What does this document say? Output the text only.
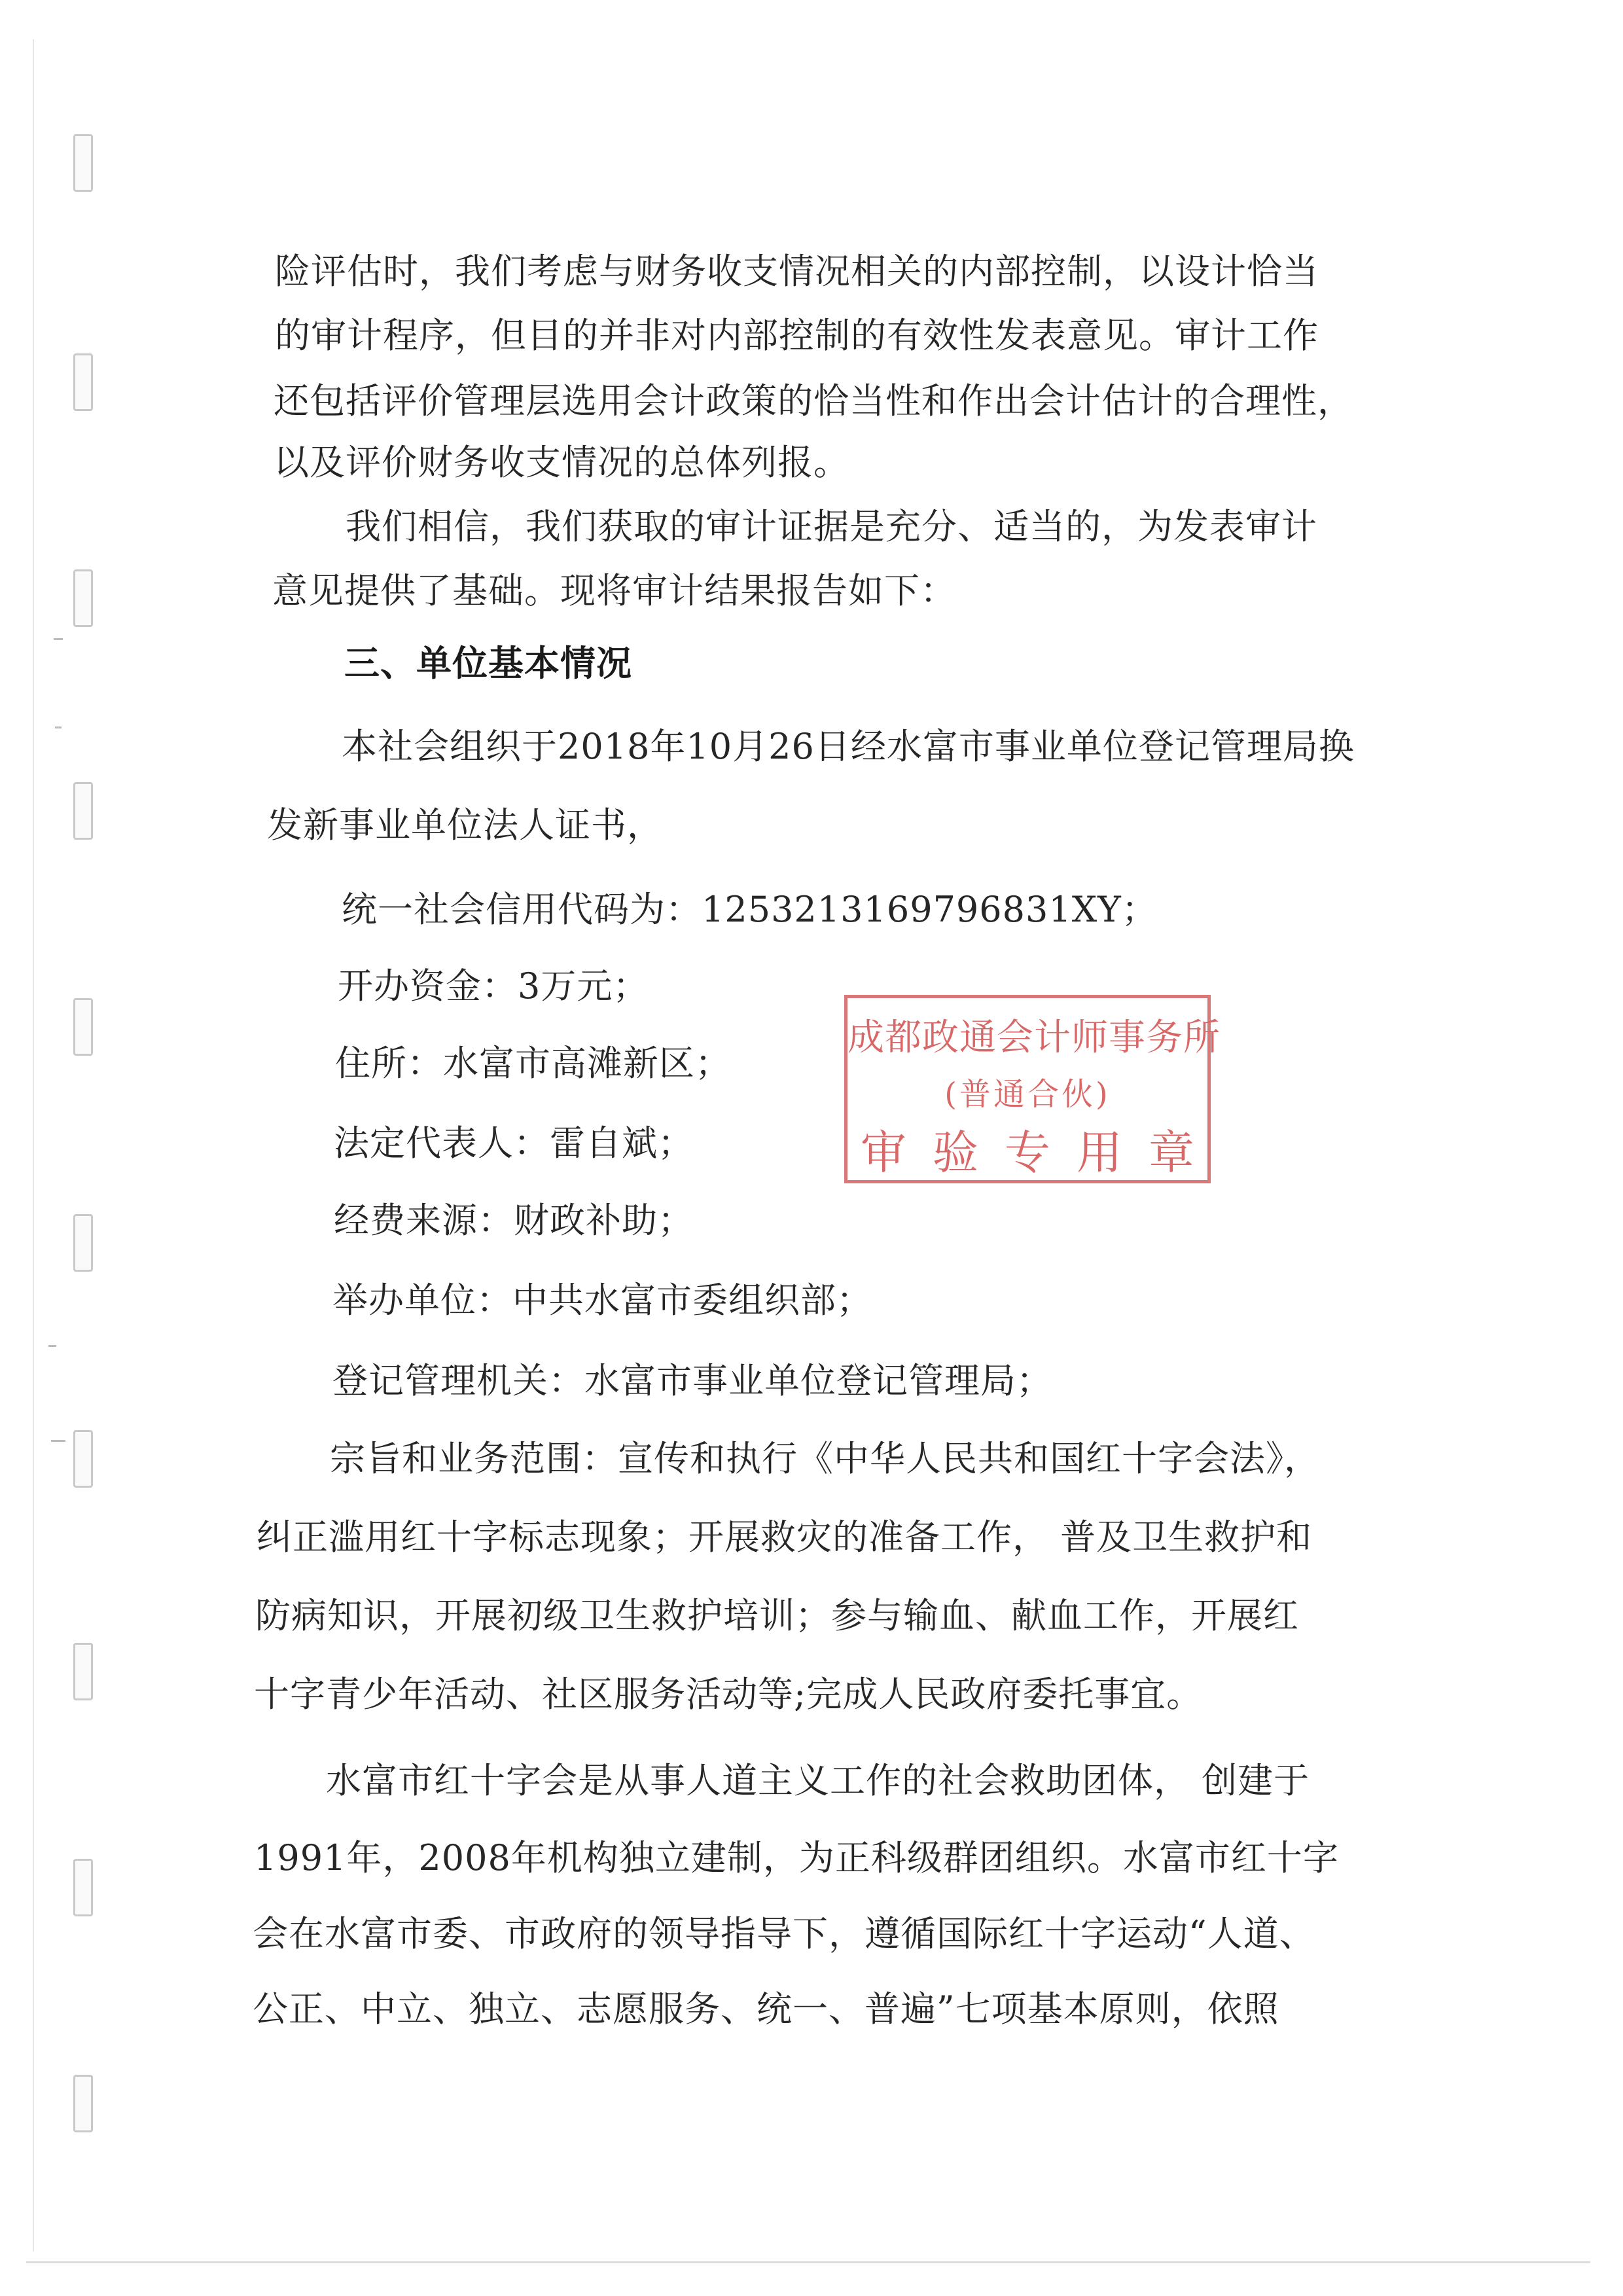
险评估时，我们考虑与财务收支情况相关的内部控制，以设计恰当
的审计程序，但目的并非对内部控制的有效性发表意见。审计工作
还包括评价管理层选用会计政策的恰当性和作出会计估计的合理性，
以及评价财务收支情况的总体列报。
我们相信，我们获取的审计证据是充分、适当的，为发表审计
意见提供了基础。现将审计结果报告如下：
三、单位基本情况
本社会组织于2018年10月26日经水富市事业单位登记管理局换
发新事业单位法人证书，
统一社会信用代码为：12532131697968​31XY；
开办资金：3万元；
住所：水富市高滩新区；
法定代表人：雷自斌；
经费来源：财政补助；
举办单位：中共水富市委组织部；
登记管理机关：水富市事业单位登记管理局；
宗旨和业务范围：宣传和执行《中华人民共和国红十字会法》，
纠正滥用红十字标志现象；开展救灾的准备工作， 普及卫生救护和
防病知识，开展初级卫生救护培训；参与输血、献血工作，开展红
十字青少年活动、社区服务活动等;完成人民政府委托事宜。
水富市红十字会是从事人道主义工作的社会救助团体， 创建于
1991年，2008年机构独立建制，为正科级群团组织。水富市红十字
会在水富市委、市政府的领导指导下，遵循国际红十字运动“人道、
公正、中立、独立、志愿服务、统一、普遍”七项基本原则，依照
成都政通会计师事务所
(普通合伙)
审验专用章
